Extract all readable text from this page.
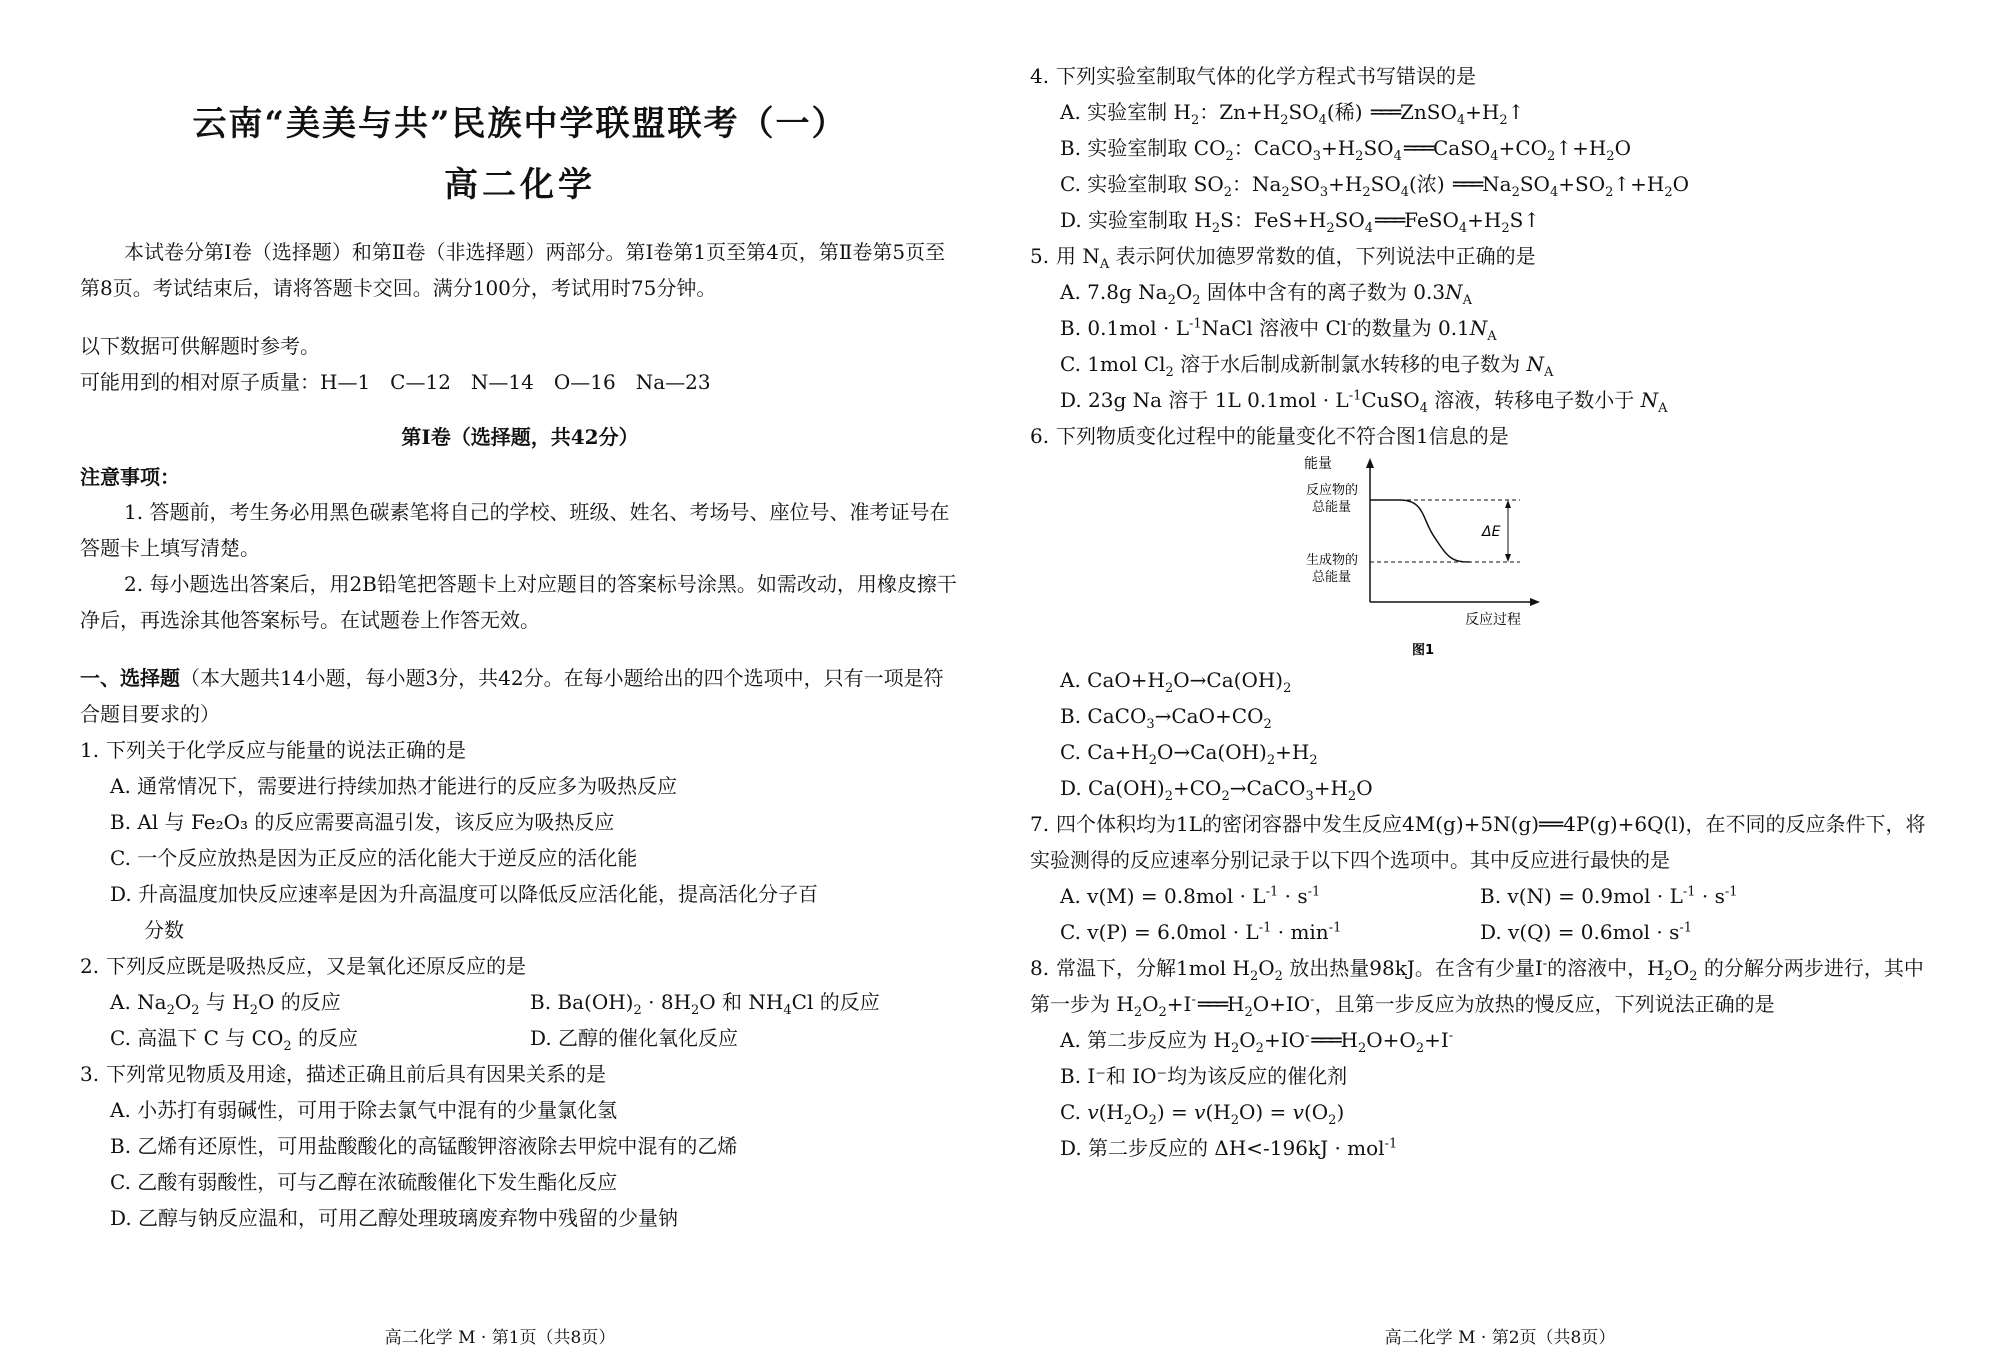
云南“美美与共”民族中学联盟联考（一）
高二化学

本试卷分第Ⅰ卷（选择题）和第Ⅱ卷（非选择题）两部分。第Ⅰ卷第1页至第4页，第Ⅱ卷第5页至第8页。考试结束后，请将答题卡交回。满分100分，考试用时75分钟。

以下数据可供解题时参考。

可能用到的相对原子质量：H—1　C—12　N—14　O—16　Na—23

第Ⅰ卷（选择题，共42分）

注意事项：

1. 答题前，考生务必用黑色碳素笔将自己的学校、班级、姓名、考场号、座位号、准考证号在答题卡上填写清楚。

2. 每小题选出答案后，用2B铅笔把答题卡上对应题目的答案标号涂黑。如需改动，用橡皮擦干净后，再选涂其他答案标号。在试题卷上作答无效。

一、选择题（本大题共14小题，每小题3分，共42分。在每小题给出的四个选项中，只有一项是符合题目要求的）

1. 下列关于化学反应与能量的说法正确的是

A. 通常情况下，需要进行持续加热才能进行的反应多为吸热反应

B. Al 与 Fe₂O₃ 的反应需要高温引发，该反应为吸热反应

C. 一个反应放热是因为正反应的活化能大于逆反应的活化能

D. 升高温度加快反应速率是因为升高温度可以降低反应活化能，提高活化分子百

分数

2. 下列反应既是吸热反应，又是氧化还原反应的是

A. $Na_2O_2$ 与 $H_2O$ 的反应	B. $Ba(OH)_2 \cdot 8H_2O$ 和 $NH_4Cl$ 的反应

C. 高温下 C 与 $CO_2$ 的反应	D. 乙醇的催化氧化反应

3. 下列常见物质及用途，描述正确且前后具有因果关系的是

A. 小苏打有弱碱性，可用于除去氯气中混有的少量氯化氢

B. 乙烯有还原性，可用盐酸酸化的高锰酸钾溶液除去甲烷中混有的乙烯

C. 乙酸有弱酸性，可与乙醇在浓硫酸催化下发生酯化反应

D. 乙醇与钠反应温和，可用乙醇处理玻璃废弃物中残留的少量钠

高二化学 M · 第1页（共8页）

4. 下列实验室制取气体的化学方程式书写错误的是

A. 实验室制 $H_2$：$Zn+H_2SO_4$(稀) ═══ $ZnSO_4+H_2↑$

B. 实验室制取 $CO_2$：$CaCO_3+H_2SO_4$ ═══ $CaSO_4+CO_2↑+H_2O$

C. 实验室制取 $SO_2$：$Na_2SO_3+H_2SO_4$(浓) ═══ $Na_2SO_4+SO_2↑+H_2O$

D. 实验室制取 $H_2S$：$FeS+H_2SO_4$ ═══ $FeSO_4+H_2S↑$

5. 用 $N_A$ 表示阿伏加德罗常数的值，下列说法中正确的是

A. 7.8g $Na_2O_2$ 固体中含有的离子数为 $0.3N_A$

B. $0.1mol \cdot L^{-1}NaCl$ 溶液中 Cl-的数量为 $0.1N_A$

C. 1mol $Cl_2$ 溶于水后制成新制氯水转移的电子数为 $N_A$

D. 23g Na 溶于 1L $0.1mol \cdot L^{-1}CuSO_4$ 溶液，转移电子数小于 $N_A$

6. 下列物质变化过程中的能量变化不符合图1信息的是

能量
反应过程
反应物的
总能量
生成物的
总能量
ΔE
图1

A. $CaO+H_2O\to Ca(OH)_2$

B. $CaCO_3\to CaO+CO_2$

C. $Ca+H_2O\to Ca(OH)_2+H_2$

D. $Ca(OH)_2+CO_2\to CaCO_3+H_2O$

7. 四个体积均为1L的密闭容器中发生反应4M(g)+5N(g)══4P(g)+6Q(l)，在不同的反应条件下，将实验测得的反应速率分别记录于以下四个选项中。其中反应进行最快的是

A. $v(M) = 0.8mol \cdot L^{-1} \cdot s^{-1}$	B. $v(N) = 0.9mol \cdot L^{-1} \cdot s^{-1}$

C. $v(P) = 6.0mol \cdot L^{-1} \cdot \min^{-1}$	D. $v(Q) = 0.6mol \cdot s^{-1}$

8. 常温下，分解1mol $H_2O_2$ 放出热量98kJ。在含有少量I-的溶液中，$H_2O_2$ 的分解分两步进行，其中第一步为 $H_2O_2+I^-$ ═══ $H_2O+IO^-$，且第一步反应为放热的慢反应，下列说法正确的是

A. 第二步反应为 $H_2O_2+IO^-$ ═══ $H_2O+O_2+I^-$

B. I⁻和 IO⁻均为该反应的催化剂

C. $v(H_2O_2) = v(H_2O) = v(O_2)$

D. 第二步反应的 ΔH<-196kJ · mol$^{-1}$

高二化学 M · 第2页（共8页）
